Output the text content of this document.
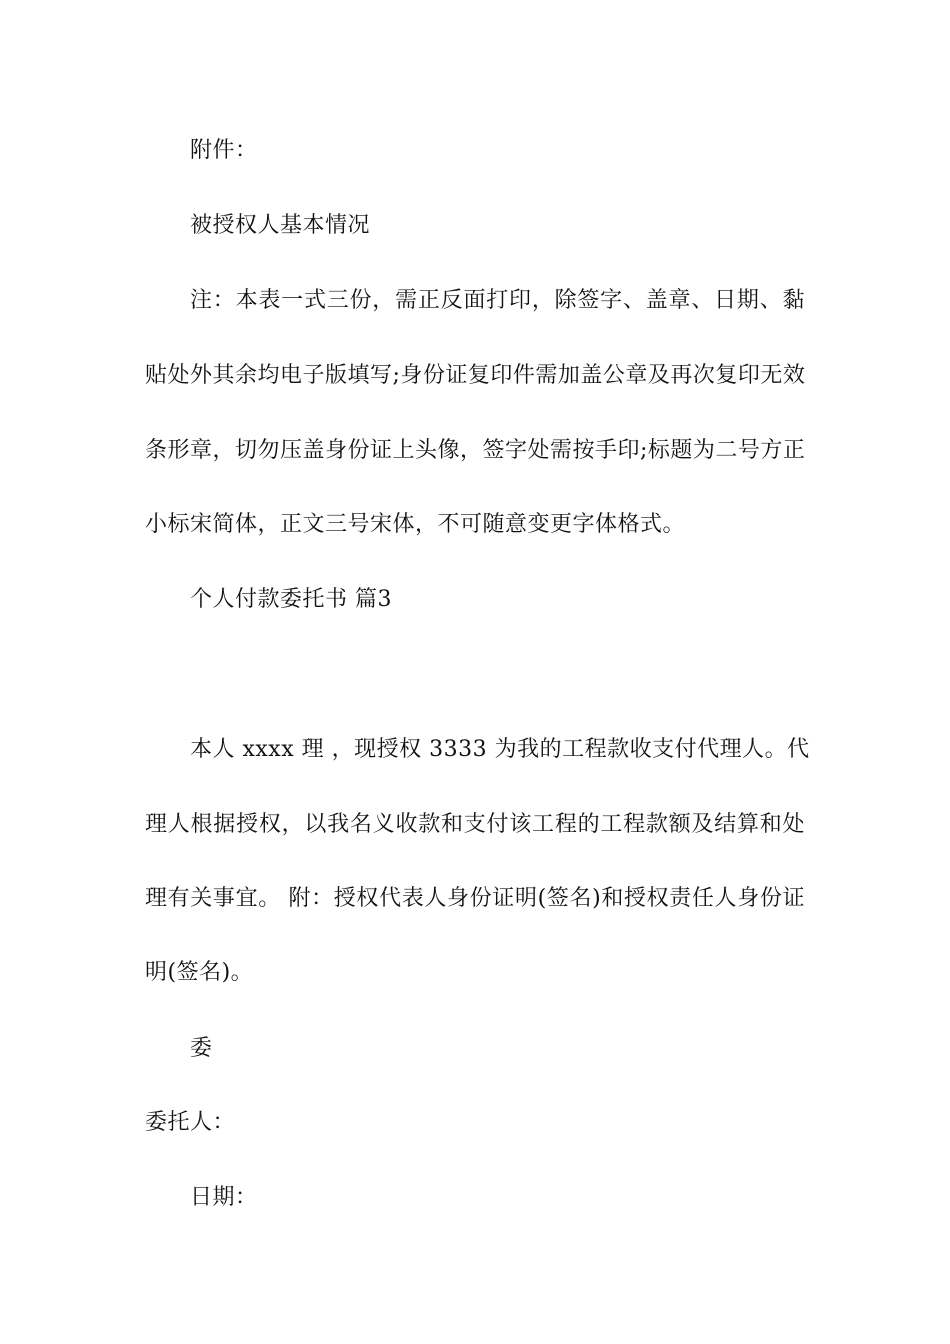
附件：
被授权人基本情况
注：本表一式三份，需正反面打印，除签字、盖章、日期、黏
贴处外其余均电子版填写;身份证复印件需加盖公章及再次复印无效
条形章，切勿压盖身份证上头像，签字处需按手印;标题为二号方正
小标宋简体，正文三号宋体，不可随意变更字体格式。
个人付款委托书 篇3
本人 xxxx 理 ，现授权 3333 为我的工程款收支付代理人。代
理人根据授权，以我名义收款和支付该工程的工程款额及结算和处
理有关事宜。 附：授权代表人身份证明(签名)和授权责任人身份证
明(签名)。
委
委托人：
日期：
